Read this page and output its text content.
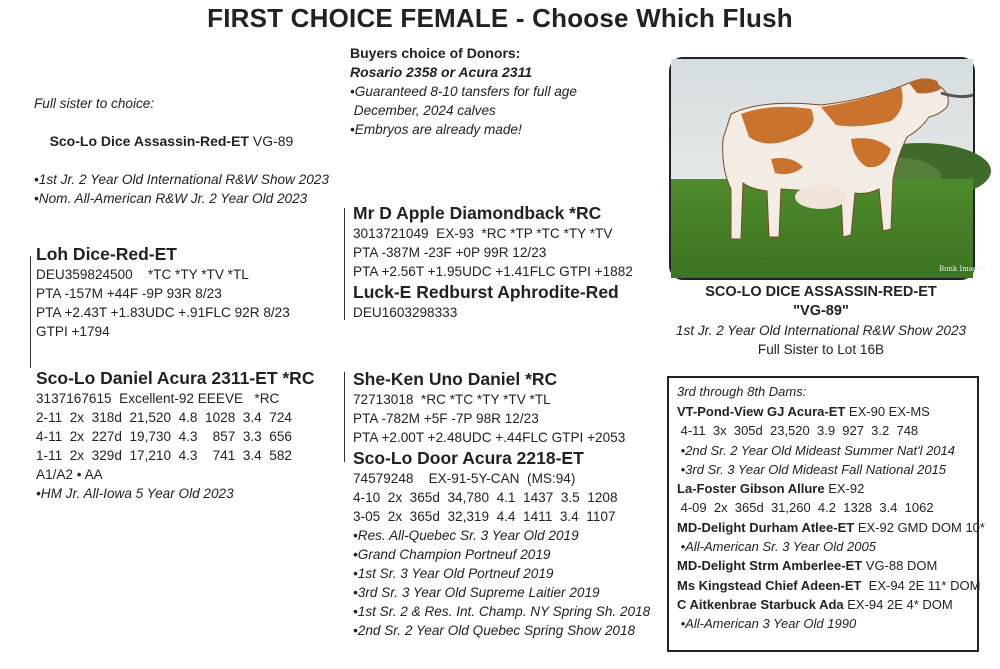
FIRST CHOICE FEMALE - Choose Which Flush
Buyers choice of Donors:
Rosario 2358 or Acura 2311
•Guaranteed 8-10 tansfers for full age
December, 2024 calves
•Embryos are already made!
Full sister to choice:

Sco-Lo Dice Assassin-Red-ET VG-89

•1st Jr. 2 Year Old International R&W Show 2023
•Nom. All-American R&W Jr. 2 Year Old 2023
Loh Dice-Red-ET
DEU359824500    *TC *TY *TV *TL
PTA -157M +44F -9P 93R 8/23
PTA +2.43T +1.83UDC +.91FLC 92R 8/23
GTPI +1794
Sco-Lo Daniel Acura 2311-ET *RC
3137167615  Excellent-92 EEEVE   *RC
2-11  2x  318d  21,520  4.8  1028  3.4  724
4-11  2x  227d  19,730  4.3    857  3.3  656
1-11  2x  329d  17,210  4.3    741  3.4  582
A1/A2 • AA
•HM Jr. All-Iowa 5 Year Old 2023
Mr D Apple Diamondback *RC
3013721049  EX-93  *RC *TP *TC *TY *TV
PTA -387M -23F +0P 99R 12/23
PTA +2.56T +1.95UDC +1.41FLC GTPI +1882
Luck-E Redburst Aphrodite-Red
DEU1603298333
She-Ken Uno Daniel *RC
72713018  *RC *TC *TY *TV *TL
PTA -782M +5F -7P 98R 12/23
PTA +2.00T +2.48UDC +.44FLC GTPI +2053
Sco-Lo Door Acura 2218-ET
74579248    EX-91-5Y-CAN  (MS:94)
4-10  2x  365d  34,780  4.1  1437  3.5  1208
3-05  2x  365d  32,319  4.4  1411  3.4  1107
•Res. All-Quebec Sr. 3 Year Old 2019
•Grand Champion Portneuf 2019
•1st Sr. 3 Year Old Portneuf 2019
•3rd Sr. 3 Year Old Supreme Laitier 2019
•1st Sr. 2 & Res. Int. Champ. NY Spring Sh. 2018
•2nd Sr. 2 Year Old Quebec Spring Show 2018
Bonk Images
SCO-LO DICE ASSASSIN-RED-ET
"VG-89"
1st Jr. 2 Year Old International R&W Show 2023
Full Sister to Lot 16B
3rd through 8th Dams:
VT-Pond-View GJ Acura-ET EX-90 EX-MS
4-11  3x  305d  23,520  3.9  927  3.2  748
•2nd Sr. 2 Year Old Mideast Summer Nat'l 2014
•3rd Sr. 3 Year Old Mideast Fall National 2015
La-Foster Gibson Allure EX-92
4-09  2x  365d  31,260  4.2  1328  3.4  1062
MD-Delight Durham Atlee-ET EX-92 GMD DOM 10*
•All-American Sr. 3 Year Old 2005
MD-Delight Strm Amberlee-ET VG-88 DOM
Ms Kingstead Chief Adeen-ET  EX-94 2E 11* DOM
C Aitkenbrae Starbuck Ada EX-94 2E 4* DOM
•All-American 3 Year Old 1990
